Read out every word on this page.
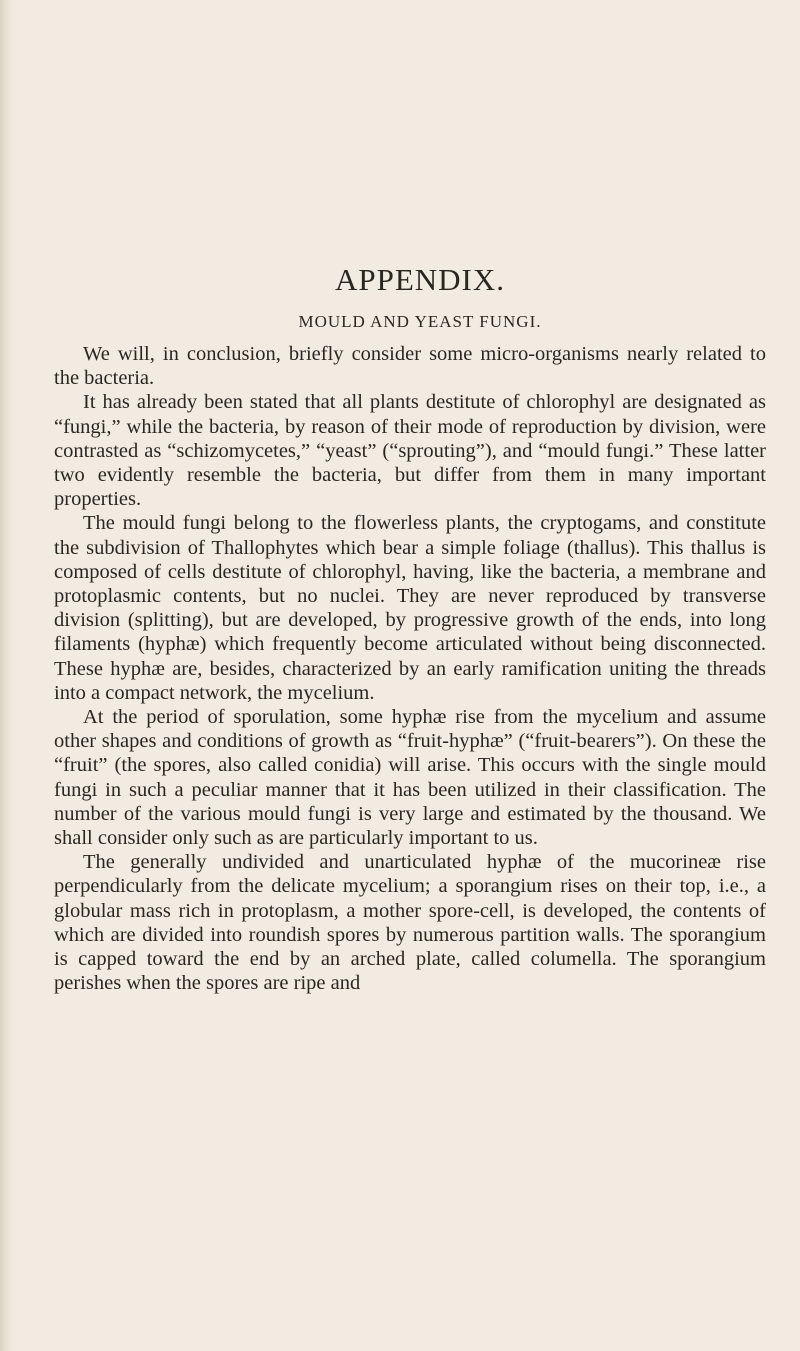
APPENDIX.
MOULD AND YEAST FUNGI.

We will, in conclusion, briefly consider some micro-organisms nearly related to the bacteria.

It has already been stated that all plants destitute of chlorophyl are designated as “fungi,” while the bacteria, by reason of their mode of reproduction by division, were contrasted as “schizomycetes,” “yeast” (“sprouting”), and “mould fungi.” These latter two evidently resemble the bacteria, but differ from them in many important properties.

The mould fungi belong to the flowerless plants, the cryptogams, and constitute the subdivision of Thallophytes which bear a simple foliage (thallus). This thallus is composed of cells destitute of chlorophyl, having, like the bacteria, a membrane and protoplasmic contents, but no nuclei. They are never reproduced by transverse division (splitting), but are developed, by progressive growth of the ends, into long filaments (hyphæ) which frequently become articulated without being disconnected. These hyphæ are, besides, characterized by an early ramification uniting the threads into a compact network, the mycelium.

At the period of sporulation, some hyphæ rise from the mycelium and assume other shapes and conditions of growth as “fruit-hyphæ” (“fruit-bearers”). On these the “fruit” (the spores, also called conidia) will arise. This occurs with the single mould fungi in such a peculiar manner that it has been utilized in their classification. The number of the various mould fungi is very large and estimated by the thousand. We shall consider only such as are particularly important to us.

The generally undivided and unarticulated hyphæ of the mucorineæ rise perpendicularly from the delicate mycelium; a sporangium rises on their top, i.e., a globular mass rich in protoplasm, a mother spore-cell, is developed, the contents of which are divided into roundish spores by numerous partition walls. The sporangium is capped toward the end by an arched plate, called columella. The sporangium perishes when the spores are ripe and
